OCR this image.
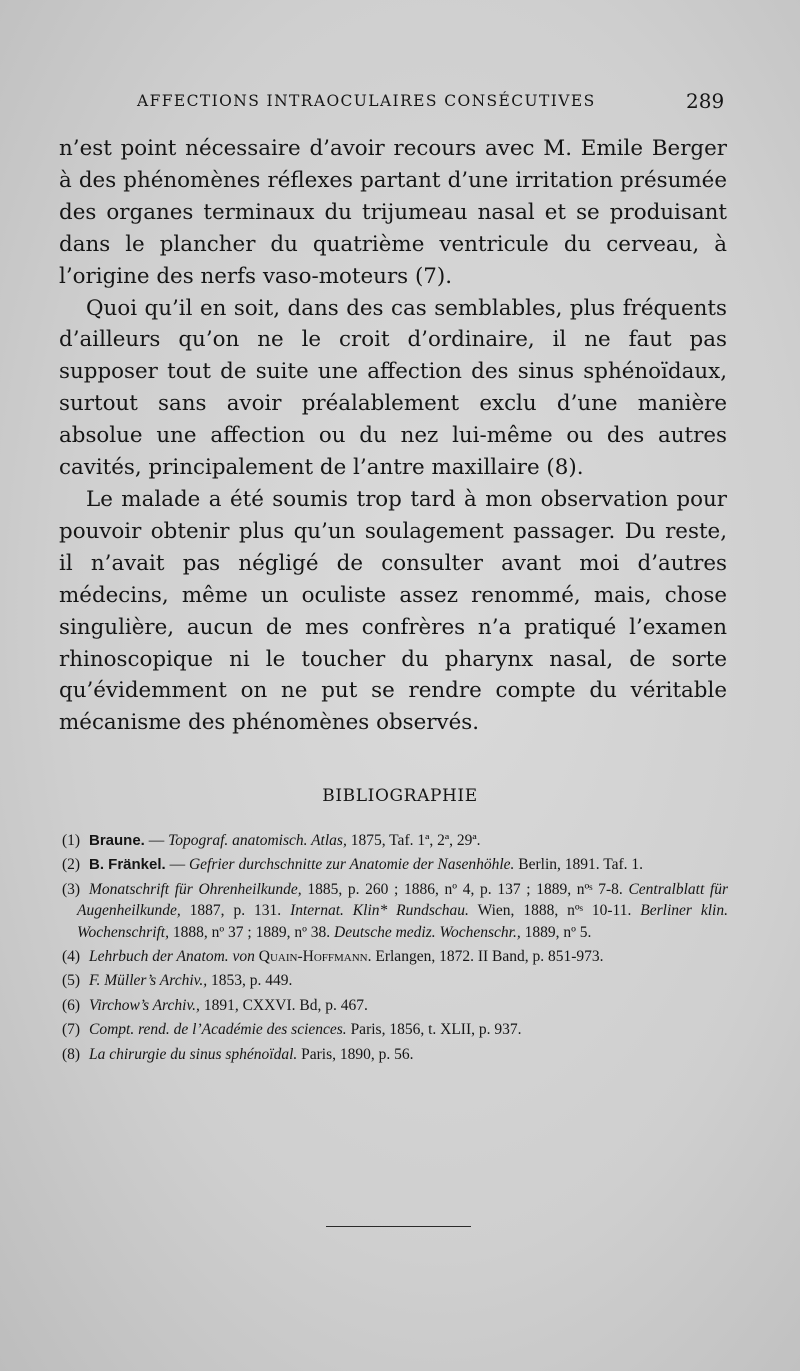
AFFECTIONS INTRAOCULAIRES CONSÉCUTIVES	289

n’est point nécessaire d’avoir recours avec M. Emile Berger à des phénomènes réflexes partant d’une irritation présumée des organes terminaux du trijumeau nasal et se produisant dans le plancher du quatrième ventricule du cerveau, à l’origine des nerfs vaso-moteurs (7).

Quoi qu’il en soit, dans des cas semblables, plus fréquents d’ailleurs qu’on ne le croit d’ordinaire, il ne faut pas supposer tout de suite une affection des sinus sphénoïdaux, surtout sans avoir préalablement exclu d’une manière absolue une affection ou du nez lui-même ou des autres cavités, principalement de l’antre maxillaire (8).

Le malade a été soumis trop tard à mon observation pour pouvoir obtenir plus qu’un soulagement passager. Du reste, il n’avait pas négligé de consulter avant moi d’autres médecins, même un oculiste assez renommé, mais, chose singulière, aucun de mes confrères n’a pratiqué l’examen rhinoscopique ni le toucher du pharynx nasal, de sorte qu’évidemment on ne put se rendre compte du véritable mécanisme des phénomènes observés.

BIBLIOGRAPHIE
(1) Braune. — Topograf. anatomisch. Atlas, 1875, Taf. 1ª, 2ª, 29ª.
(2) B. Fränkel. — Gefrier durchschnitte zur Anatomie der Nasenhöhle. Berlin, 1891. Taf. 1.
(3) Monatschrift für Ohrenheilkunde, 1885, p. 260 ; 1886, nº 4, p. 137 ; 1889, nºˢ 7-8. Centralblatt für Augenheilkunde, 1887, p. 131. Internat. Klin* Rundschau. Wien, 1888, nºˢ 10-11. Berliner klin. Wochenschrift, 1888, nº 37 ; 1889, nº 38. Deutsche mediz. Wochenschr., 1889, nº 5.
(4) Lehrbuch der Anatom. von Quain-Hoffmann. Erlangen, 1872. II Band, p. 851-973.
(5) F. Müller’s Archiv., 1853, p. 449.
(6) Virchow’s Archiv., 1891, CXXVI. Bd, p. 467.
(7) Compt. rend. de l’Académie des sciences. Paris, 1856, t. XLII, p. 937.
(8) La chirurgie du sinus sphénoïdal. Paris, 1890, p. 56.
